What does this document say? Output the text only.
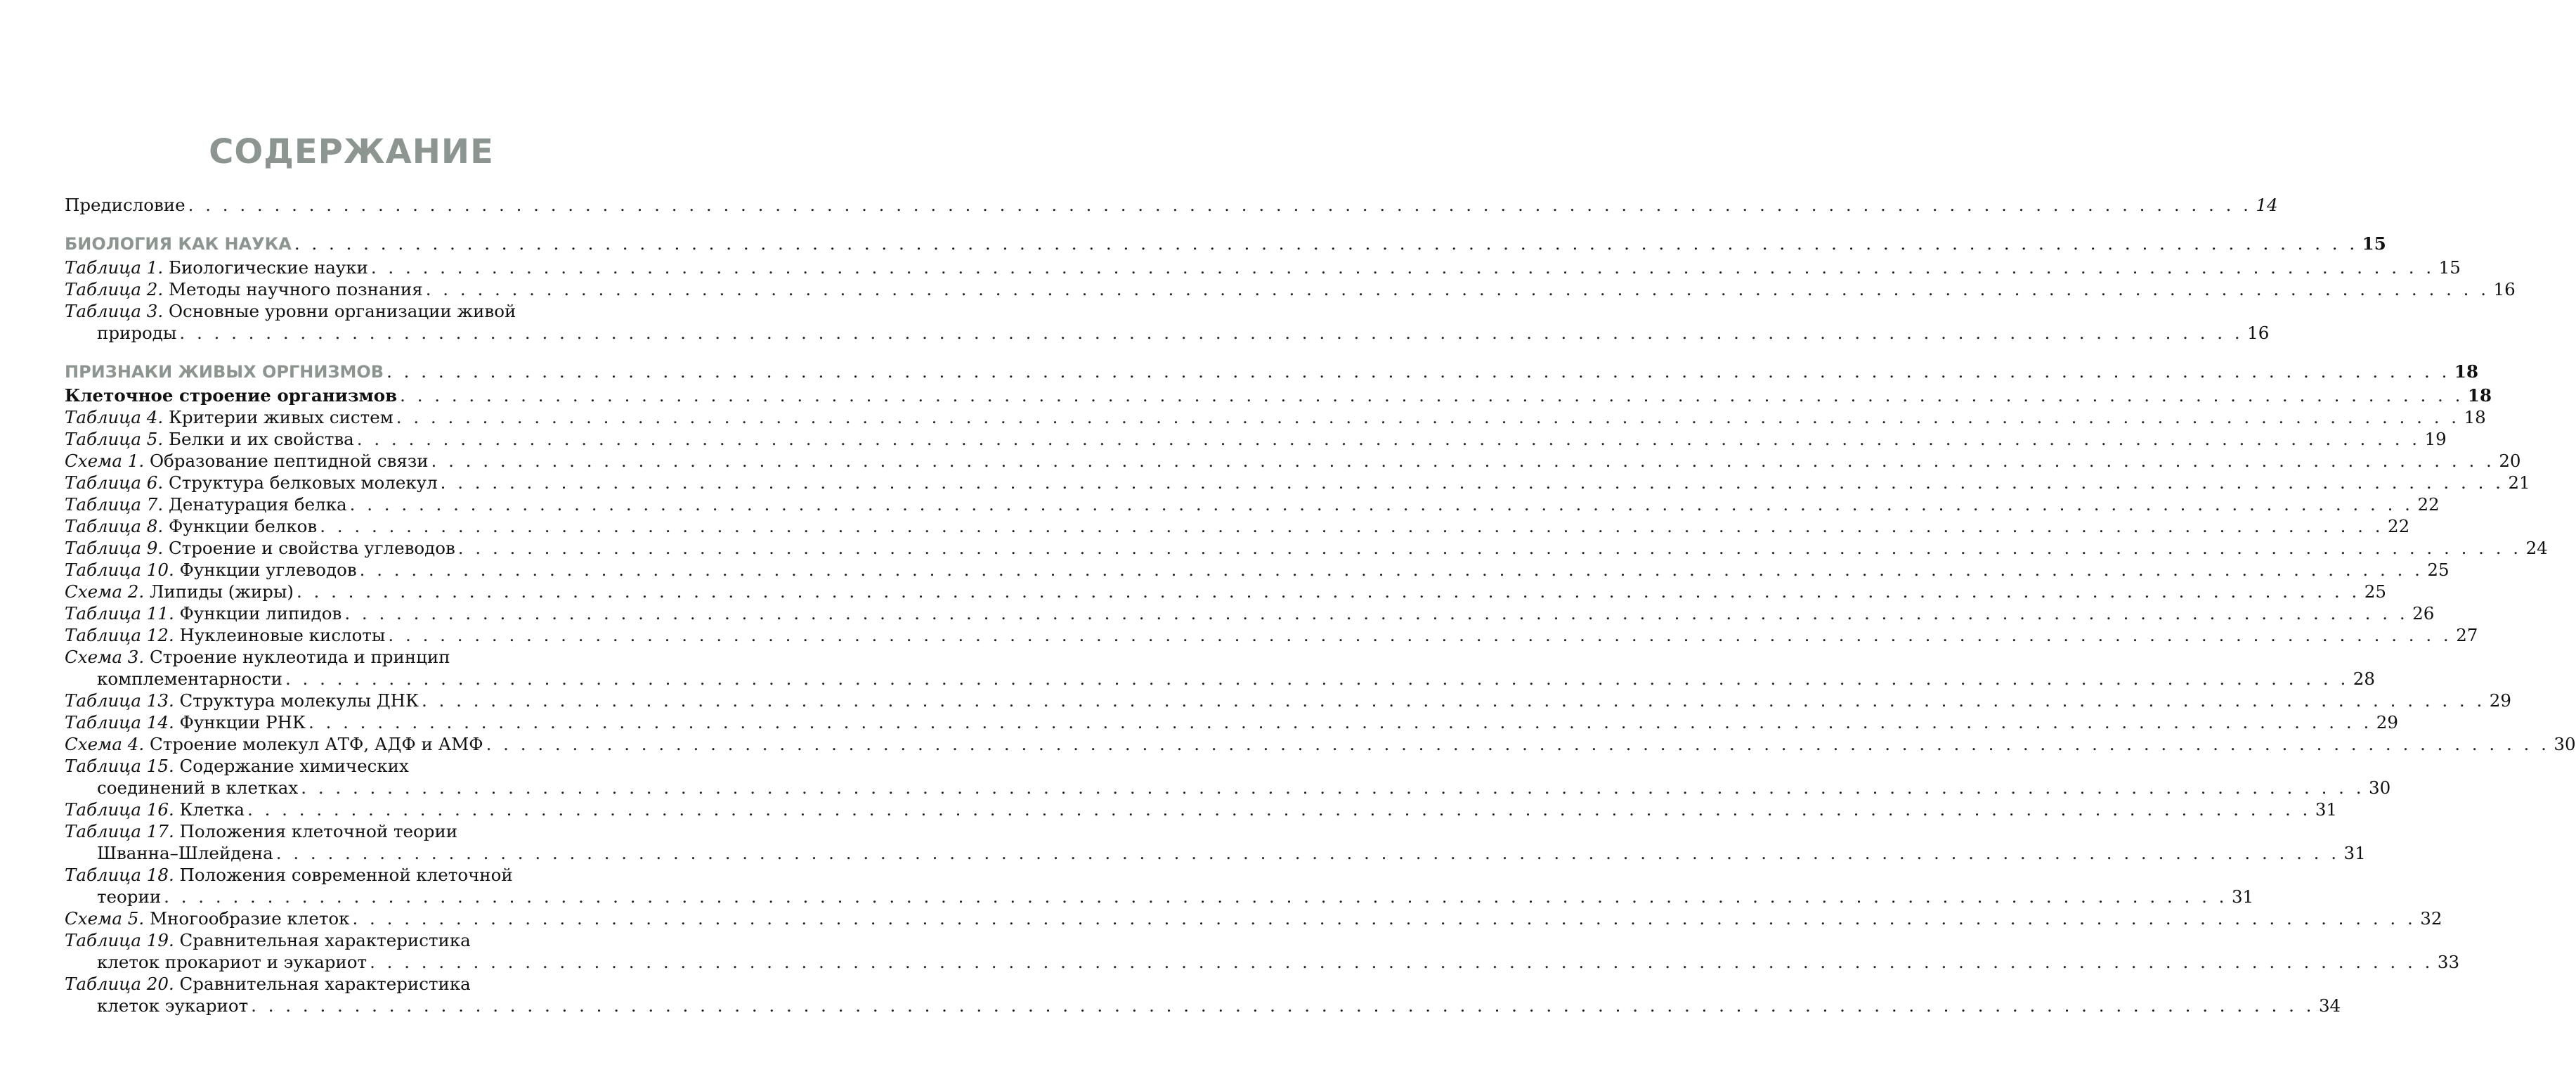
СОДЕРЖАНИЕ
Предисловие . . . . . . . . . . . . . . . . . . . . . . . . . . . . . . . . . . . . . . . . . . . . . . . . . . . . . . . . . . . . . . . . . . . . . . . . . . . . . . . . . . . . . . . . . . . . . . . . . . . . . . . . . . . . . . . . . . . . . . . . 14
БИОЛОГИЯ КАК НАУКА . . . . . . . . . . . . . . . . . . . . . . . . . . . . . . . . . . . . . . . . . . . . . . . . . . . . . . . . . . . . . . . . . . . . . . . . . . . . . . . . . . . . . . . . . . . . . . . . . . . . . . . . . . . . . . . . . . . . . . . . 15
Таблица 1.
Биологические науки . . . . . . . . . . . . . . . . . . . . . . . . . . . . . . . . . . . . . . . . . . . . . . . . . . . . . . . . . . . . . . . . . . . . . . . . . . . . . . . . . . . . . . . . . . . . . . . . . . . . . . . . . . . . . . . . . . . . . . . . 15
Таблица 2.
Методы научного познания . . . . . . . . . . . . . . . . . . . . . . . . . . . . . . . . . . . . . . . . . . . . . . . . . . . . . . . . . . . . . . . . . . . . . . . . . . . . . . . . . . . . . . . . . . . . . . . . . . . . . . . . . . . . . . . . . . . . . . . . 16
Таблица 3.
Основные уровни организации живой
природы . . . . . . . . . . . . . . . . . . . . . . . . . . . . . . . . . . . . . . . . . . . . . . . . . . . . . . . . . . . . . . . . . . . . . . . . . . . . . . . . . . . . . . . . . . . . . . . . . . . . . . . . . . . . . . . . . . . . . . . . 16
ПРИЗНАКИ ЖИВЫХ ОРГНИЗМОВ . . . . . . . . . . . . . . . . . . . . . . . . . . . . . . . . . . . . . . . . . . . . . . . . . . . . . . . . . . . . . . . . . . . . . . . . . . . . . . . . . . . . . . . . . . . . . . . . . . . . . . . . . . . . . . . . . . . . . . . . 18
Клеточное строение организмов . . . . . . . . . . . . . . . . . . . . . . . . . . . . . . . . . . . . . . . . . . . . . . . . . . . . . . . . . . . . . . . . . . . . . . . . . . . . . . . . . . . . . . . . . . . . . . . . . . . . . . . . . . . . . . . . . . . . . . . . 18
Таблица 4.
Критерии живых систем . . . . . . . . . . . . . . . . . . . . . . . . . . . . . . . . . . . . . . . . . . . . . . . . . . . . . . . . . . . . . . . . . . . . . . . . . . . . . . . . . . . . . . . . . . . . . . . . . . . . . . . . . . . . . . . . . . . . . . . . 18
Таблица 5.
Белки и их свойства . . . . . . . . . . . . . . . . . . . . . . . . . . . . . . . . . . . . . . . . . . . . . . . . . . . . . . . . . . . . . . . . . . . . . . . . . . . . . . . . . . . . . . . . . . . . . . . . . . . . . . . . . . . . . . . . . . . . . . . . 19
Схема 1.
Образование пептидной связи . . . . . . . . . . . . . . . . . . . . . . . . . . . . . . . . . . . . . . . . . . . . . . . . . . . . . . . . . . . . . . . . . . . . . . . . . . . . . . . . . . . . . . . . . . . . . . . . . . . . . . . . . . . . . . . . . . . . . . . . 20
Таблица 6.
Структура белковых молекул . . . . . . . . . . . . . . . . . . . . . . . . . . . . . . . . . . . . . . . . . . . . . . . . . . . . . . . . . . . . . . . . . . . . . . . . . . . . . . . . . . . . . . . . . . . . . . . . . . . . . . . . . . . . . . . . . . . . . . . . 21
Таблица 7.
Денатурация белка . . . . . . . . . . . . . . . . . . . . . . . . . . . . . . . . . . . . . . . . . . . . . . . . . . . . . . . . . . . . . . . . . . . . . . . . . . . . . . . . . . . . . . . . . . . . . . . . . . . . . . . . . . . . . . . . . . . . . . . . 22
Таблица 8.
Функции белков . . . . . . . . . . . . . . . . . . . . . . . . . . . . . . . . . . . . . . . . . . . . . . . . . . . . . . . . . . . . . . . . . . . . . . . . . . . . . . . . . . . . . . . . . . . . . . . . . . . . . . . . . . . . . . . . . . . . . . . . 22
Таблица 9.
Строение и свойства углеводов . . . . . . . . . . . . . . . . . . . . . . . . . . . . . . . . . . . . . . . . . . . . . . . . . . . . . . . . . . . . . . . . . . . . . . . . . . . . . . . . . . . . . . . . . . . . . . . . . . . . . . . . . . . . . . . . . . . . . . . . 24
Таблица 10.
Функции углеводов . . . . . . . . . . . . . . . . . . . . . . . . . . . . . . . . . . . . . . . . . . . . . . . . . . . . . . . . . . . . . . . . . . . . . . . . . . . . . . . . . . . . . . . . . . . . . . . . . . . . . . . . . . . . . . . . . . . . . . . . 25
Схема 2.
Липиды (жиры) . . . . . . . . . . . . . . . . . . . . . . . . . . . . . . . . . . . . . . . . . . . . . . . . . . . . . . . . . . . . . . . . . . . . . . . . . . . . . . . . . . . . . . . . . . . . . . . . . . . . . . . . . . . . . . . . . . . . . . . . 25
Таблица 11.
Функции липидов . . . . . . . . . . . . . . . . . . . . . . . . . . . . . . . . . . . . . . . . . . . . . . . . . . . . . . . . . . . . . . . . . . . . . . . . . . . . . . . . . . . . . . . . . . . . . . . . . . . . . . . . . . . . . . . . . . . . . . . . 26
Таблица 12.
Нуклеиновые кислоты . . . . . . . . . . . . . . . . . . . . . . . . . . . . . . . . . . . . . . . . . . . . . . . . . . . . . . . . . . . . . . . . . . . . . . . . . . . . . . . . . . . . . . . . . . . . . . . . . . . . . . . . . . . . . . . . . . . . . . . . 27
Схема 3.
Строение нуклеотида и принцип
комплементарности . . . . . . . . . . . . . . . . . . . . . . . . . . . . . . . . . . . . . . . . . . . . . . . . . . . . . . . . . . . . . . . . . . . . . . . . . . . . . . . . . . . . . . . . . . . . . . . . . . . . . . . . . . . . . . . . . . . . . . . . 28
Таблица 13.
Структура молекулы ДНК . . . . . . . . . . . . . . . . . . . . . . . . . . . . . . . . . . . . . . . . . . . . . . . . . . . . . . . . . . . . . . . . . . . . . . . . . . . . . . . . . . . . . . . . . . . . . . . . . . . . . . . . . . . . . . . . . . . . . . . . 29
Таблица 14.
Функции РНК . . . . . . . . . . . . . . . . . . . . . . . . . . . . . . . . . . . . . . . . . . . . . . . . . . . . . . . . . . . . . . . . . . . . . . . . . . . . . . . . . . . . . . . . . . . . . . . . . . . . . . . . . . . . . . . . . . . . . . . . 29
Схема 4.
Строение молекул АТФ, АДФ и АМФ . . . . . . . . . . . . . . . . . . . . . . . . . . . . . . . . . . . . . . . . . . . . . . . . . . . . . . . . . . . . . . . . . . . . . . . . . . . . . . . . . . . . . . . . . . . . . . . . . . . . . . . . . . . . . . . . . . . . . . . . 30
Таблица 15.
Содержание химических
соединений в клетках . . . . . . . . . . . . . . . . . . . . . . . . . . . . . . . . . . . . . . . . . . . . . . . . . . . . . . . . . . . . . . . . . . . . . . . . . . . . . . . . . . . . . . . . . . . . . . . . . . . . . . . . . . . . . . . . . . . . . . . . 30
Таблица 16.
Клетка . . . . . . . . . . . . . . . . . . . . . . . . . . . . . . . . . . . . . . . . . . . . . . . . . . . . . . . . . . . . . . . . . . . . . . . . . . . . . . . . . . . . . . . . . . . . . . . . . . . . . . . . . . . . . . . . . . . . . . . . 31
Таблица 17.
Положения клеточной теории
Шванна–Шлейдена . . . . . . . . . . . . . . . . . . . . . . . . . . . . . . . . . . . . . . . . . . . . . . . . . . . . . . . . . . . . . . . . . . . . . . . . . . . . . . . . . . . . . . . . . . . . . . . . . . . . . . . . . . . . . . . . . . . . . . . . 31
Таблица 18.
Положения современной клеточной
теории . . . . . . . . . . . . . . . . . . . . . . . . . . . . . . . . . . . . . . . . . . . . . . . . . . . . . . . . . . . . . . . . . . . . . . . . . . . . . . . . . . . . . . . . . . . . . . . . . . . . . . . . . . . . . . . . . . . . . . . . 31
Схема 5.
Многообразие клеток . . . . . . . . . . . . . . . . . . . . . . . . . . . . . . . . . . . . . . . . . . . . . . . . . . . . . . . . . . . . . . . . . . . . . . . . . . . . . . . . . . . . . . . . . . . . . . . . . . . . . . . . . . . . . . . . . . . . . . . . 32
Таблица 19.
Сравнительная характеристика
клеток прокариот и эукариот . . . . . . . . . . . . . . . . . . . . . . . . . . . . . . . . . . . . . . . . . . . . . . . . . . . . . . . . . . . . . . . . . . . . . . . . . . . . . . . . . . . . . . . . . . . . . . . . . . . . . . . . . . . . . . . . . . . . . . . . 33
Таблица 20.
Сравнительная характеристика
клеток эукариот . . . . . . . . . . . . . . . . . . . . . . . . . . . . . . . . . . . . . . . . . . . . . . . . . . . . . . . . . . . . . . . . . . . . . . . . . . . . . . . . . . . . . . . . . . . . . . . . . . . . . . . . . . . . . . . . . . . . . . . . 34
